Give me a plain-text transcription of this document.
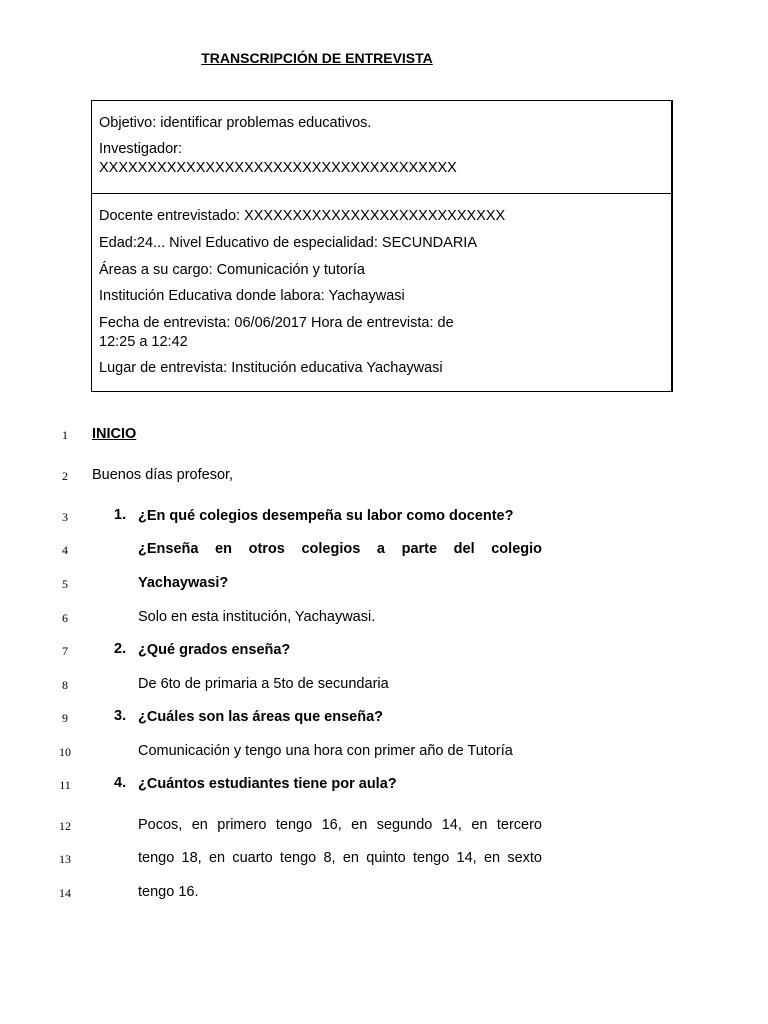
TRANSCRIPCIÓN DE ENTREVISTA
Objetivo: identificar problemas educativos.
Investigador:
XXXXXXXXXXXXXXXXXXXXXXXXXXXXXXXXXXXXX
Docente entrevistado: XXXXXXXXXXXXXXXXXXXXXXXXXXX
Edad:24... Nivel Educativo de especialidad: SECUNDARIA
Áreas a su cargo: Comunicación y tutoría
Institución Educativa donde labora: Yachaywasi
Fecha de entrevista: 06/06/2017 Hora de entrevista: de
12:25 a 12:42
Lugar de entrevista: Institución educativa Yachaywasi
1
2
3
4
5
6
7
8
9
10
11
12
13
14
INICIO
Buenos días profesor,
1. ¿En qué colegios desempeña su labor como docente?
¿Enseña en otros colegios a parte del colegio
Yachaywasi?
Solo en esta institución, Yachaywasi.
2. ¿Qué grados enseña?
De 6to de primaria a 5to de secundaria
3. ¿Cuáles son las áreas que enseña?
Comunicación y tengo una hora con primer año de Tutoría
4. ¿Cuántos estudiantes tiene por aula?
Pocos, en primero tengo 16, en segundo 14, en tercero
tengo 18, en cuarto tengo 8, en quinto tengo 14, en sexto
tengo 16.
